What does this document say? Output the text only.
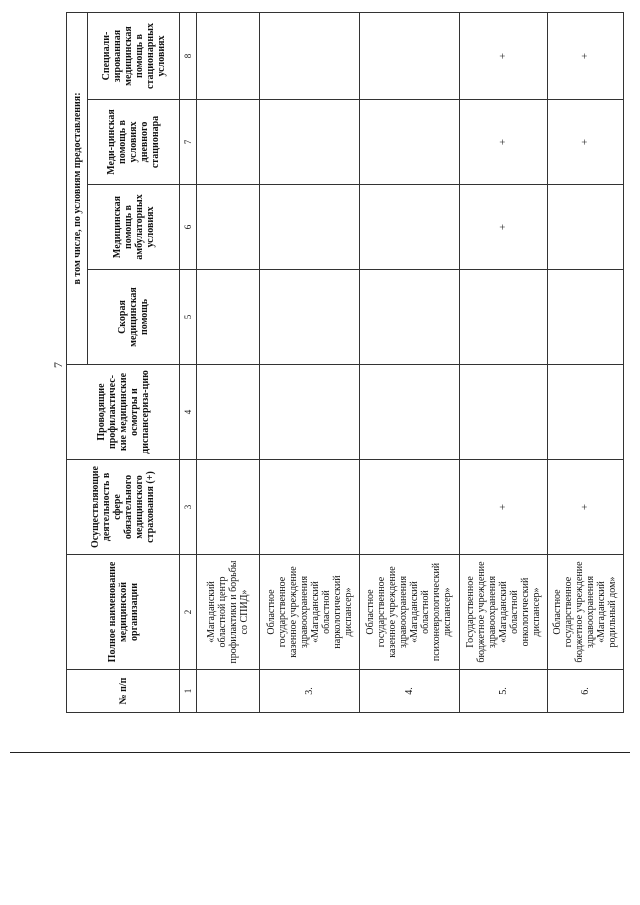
7
№ п/п	Полное наименование медицинской организации	Осуществляющие деятельность в сфере обязательного медицинского страхования (+)	Проводящие профилактичес-кие медицинские осмотры и диспансериза-цию	в том числе, по условиям предоставления:			
				Скорая медицинская помощь	Медицинская помощь в амбулаторных условиях	Меди-цинская помощь в условиях дневного стационара	Специали-зированная медицинская помощь в стационарных условиях
1	2	3	4	5	6	7	8
	«Магаданский областной центр профилактики и борьбы со СПИД»						
3.	Областное государственное казенное учреждение здравоохранения «Магаданский областной наркологический диспансер»						
4.	Областное государственное казенное учреждение здравоохранения «Магаданский областной психоневрологический диспансер»						
5.	Государственное бюджетное учреждение здравоохранения «Магаданский областной онкологический диспансер»	+			+	+	+
6.	Областное государственное бюджетное учреждение здравоохранения «Магаданский родильный дом»	+				+	+
